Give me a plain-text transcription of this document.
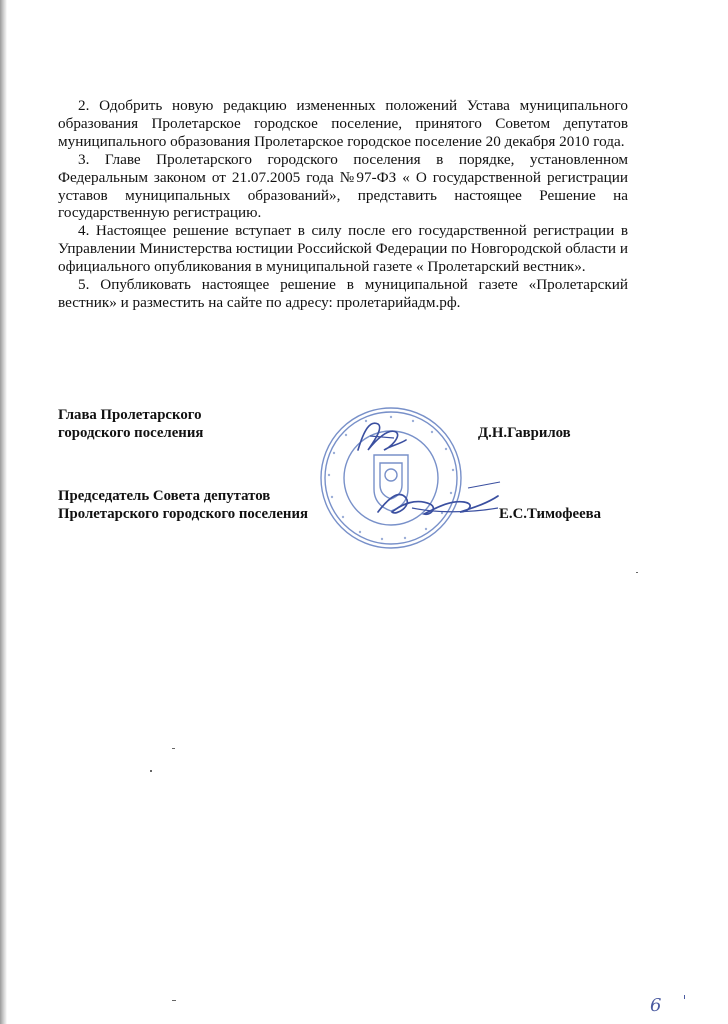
2. Одобрить новую редакцию измененных положений Устава муниципального образования Пролетарское городское поселение, принятого Советом депутатов муниципального образования Пролетарское городское поселение 20 декабря 2010 года.

3. Главе Пролетарского городского поселения в порядке, установленном Федеральным законом от 21.07.2005 года №97-ФЗ « О государственной регистрации уставов муниципальных образований», представить настоящее Решение на государственную регистрацию.

4. Настоящее решение вступает в силу после его государственной регистрации в Управлении Министерства юстиции Российской Федерации по Новгородской области и официального опубликования в муниципальной газете « Пролетарский вестник».

5. Опубликовать настоящее решение в муниципальной газете «Пролетарский вестник» и разместить на сайте по адресу: пролетарийадм.рф.

Глава Пролетарского
городского поселения	Д.Н.Гаврилов
Председатель Совета депутатов
Пролетарского городского поселения	Е.С.Тимофеева
6
